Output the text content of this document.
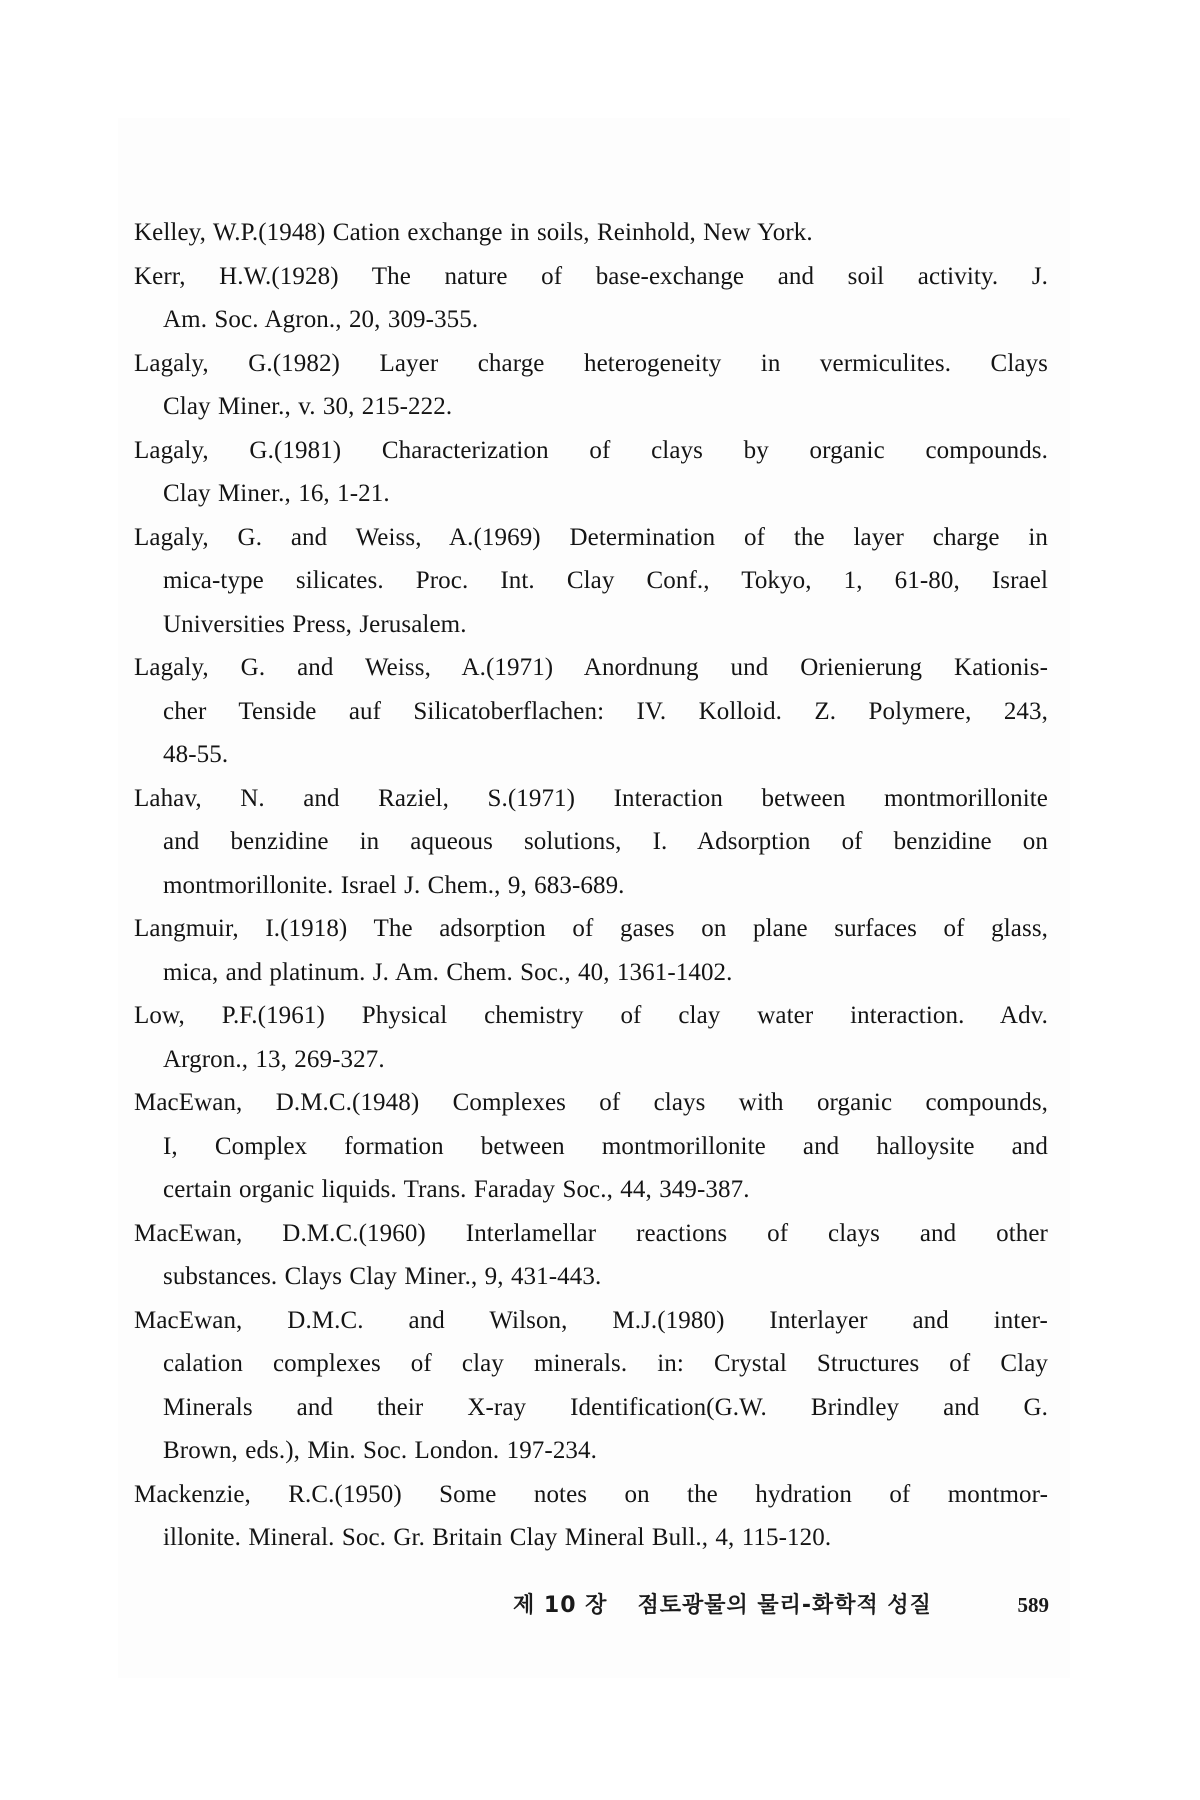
Kelley, W.P.(1948) Cation exchange in soils, Reinhold, New York.
Kerr, H.W.(1928) The nature of base-exchange and soil activity. J.
Am. Soc. Agron., 20, 309-355.
Lagaly, G.(1982) Layer charge heterogeneity in vermiculites. Clays
Clay Miner., v. 30, 215-222.
Lagaly, G.(1981) Characterization of clays by organic compounds.
Clay Miner., 16, 1-21.
Lagaly, G. and Weiss, A.(1969) Determination of the layer charge in
mica-type silicates. Proc. Int. Clay Conf., Tokyo, 1, 61-80, Israel
Universities Press, Jerusalem.
Lagaly, G. and Weiss, A.(1971) Anordnung und Orienierung Kationis-
cher Tenside auf Silicatoberflachen: IV. Kolloid. Z. Polymere, 243,
48-55.
Lahav, N. and Raziel, S.(1971) Interaction between montmorillonite
and benzidine in aqueous solutions, I. Adsorption of benzidine on
montmorillonite. Israel J. Chem., 9, 683-689.
Langmuir, I.(1918) The adsorption of gases on plane surfaces of glass,
mica, and platinum. J. Am. Chem. Soc., 40, 1361-1402.
Low, P.F.(1961) Physical chemistry of clay water interaction. Adv.
Argron., 13, 269-327.
MacEwan, D.M.C.(1948) Complexes of clays with organic compounds,
I, Complex formation between montmorillonite and halloysite and
certain organic liquids. Trans. Faraday Soc., 44, 349-387.
MacEwan, D.M.C.(1960) Interlamellar reactions of clays and other
substances. Clays Clay Miner., 9, 431-443.
MacEwan, D.M.C. and Wilson, M.J.(1980) Interlayer and inter-
calation complexes of clay minerals. in: Crystal Structures of Clay
Minerals and their X-ray Identification(G.W. Brindley and G.
Brown, eds.), Min. Soc. London. 197-234.
Mackenzie, R.C.(1950) Some notes on the hydration of montmor-
illonite. Mineral. Soc. Gr. Britain Clay Mineral Bull., 4, 115-120.
제 10 장 점토광물의 물리-화학적 성질	589
